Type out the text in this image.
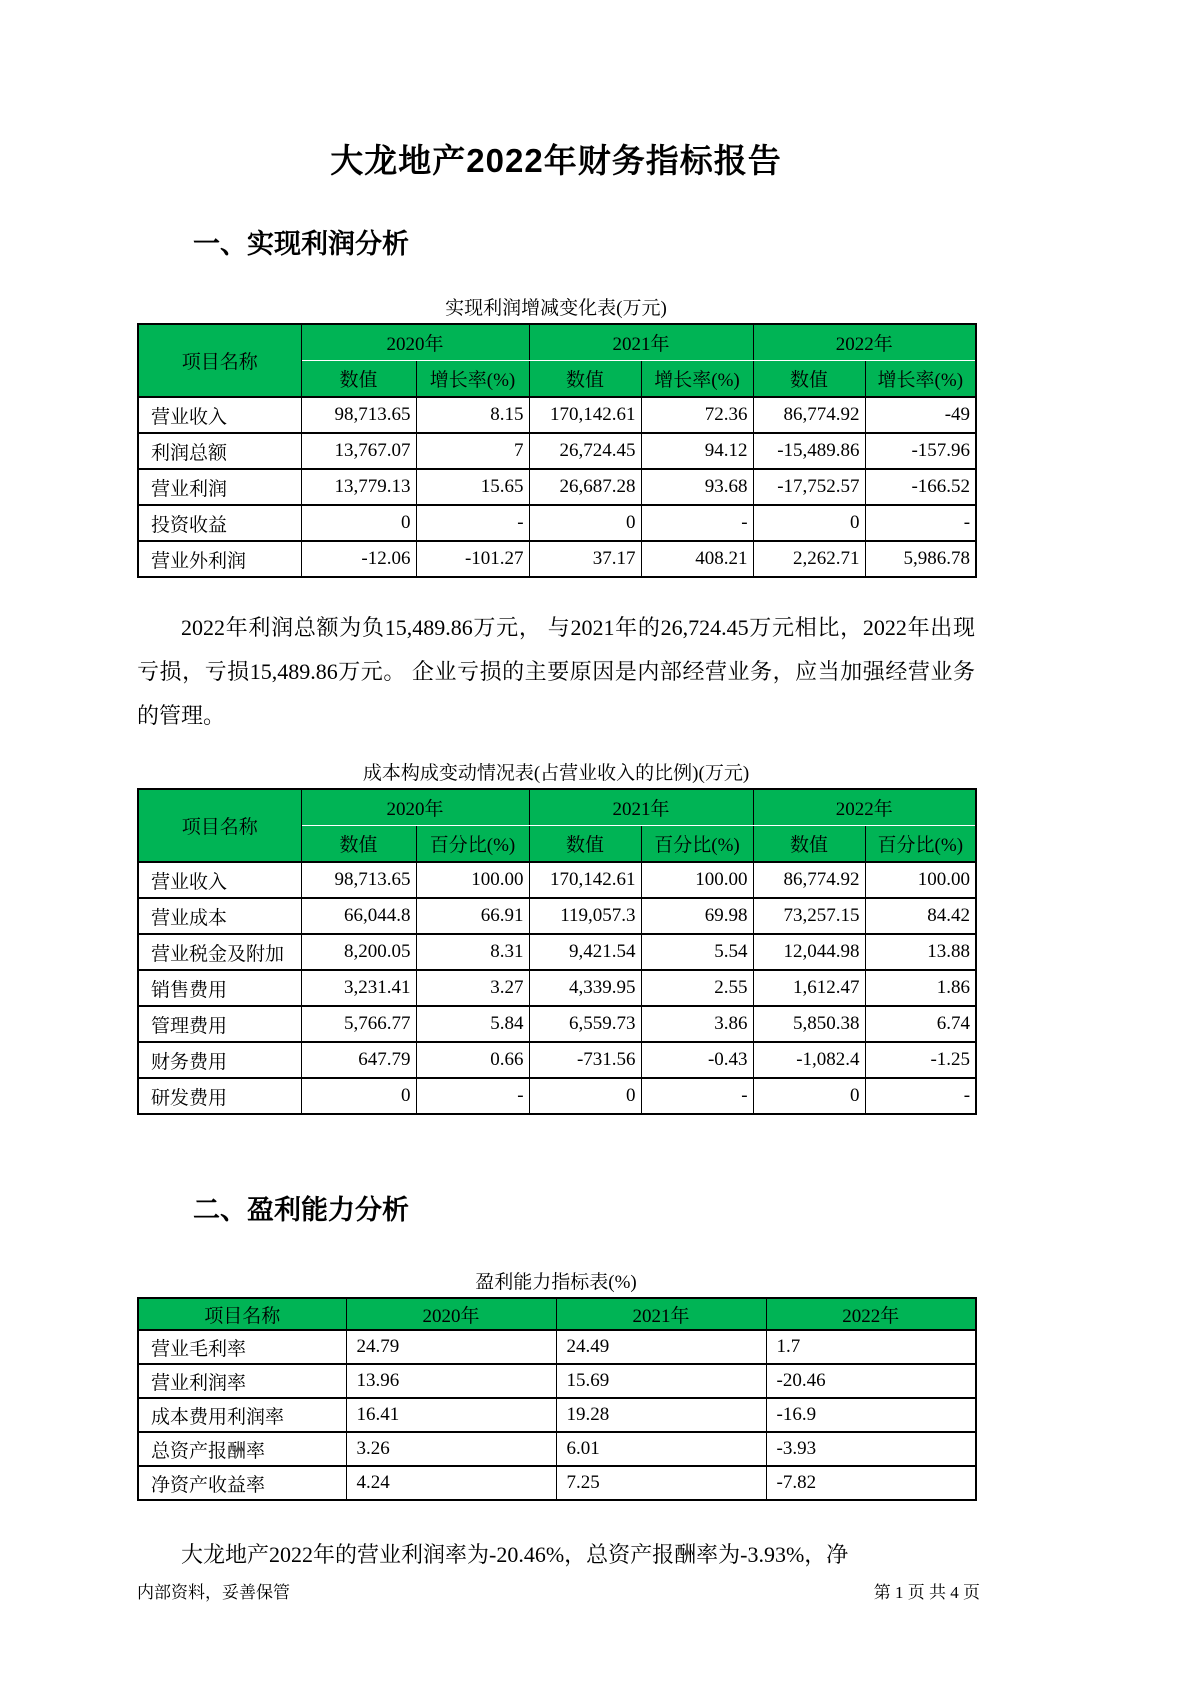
大龙地产2022年财务指标报告
一、实现利润分析
实现利润增减变化表(万元)
项目名称	2020年		2021年		2022年	
	数值	增长率(%)	数值	增长率(%)	数值	增长率(%)
营业收入	98,713.65	8.15	170,142.61	72.36	86,774.92	-49
利润总额	13,767.07	7	26,724.45	94.12	-15,489.86	-157.96
营业利润	13,779.13	15.65	26,687.28	93.68	-17,752.57	-166.52
投资收益	0	-	0	-	0	-
营业外利润	-12.06	-101.27	37.17	408.21	2,262.71	5,986.78
2022年利润总额为负15,489.86万元， 与2021年的26,724.45万元相比，2022年出现亏损，亏损15,489.86万元。 企业亏损的主要原因是内部经营业务，应当加强经营业务的管理。
成本构成变动情况表(占营业收入的比例)(万元)
项目名称	2020年		2021年		2022年	
	数值	百分比(%)	数值	百分比(%)	数值	百分比(%)
营业收入	98,713.65	100.00	170,142.61	100.00	86,774.92	100.00
营业成本	66,044.8	66.91	119,057.3	69.98	73,257.15	84.42
营业税金及附加	8,200.05	8.31	9,421.54	5.54	12,044.98	13.88
销售费用	3,231.41	3.27	4,339.95	2.55	1,612.47	1.86
管理费用	5,766.77	5.84	6,559.73	3.86	5,850.38	6.74
财务费用	647.79	0.66	-731.56	-0.43	-1,082.4	-1.25
研发费用	0	-	0	-	0	-
二、盈利能力分析
盈利能力指标表(%)
项目名称	2020年	2021年	2022年
营业毛利率	24.79	24.49	1.7
营业利润率	13.96	15.69	-20.46
成本费用利润率	16.41	19.28	-16.9
总资产报酬率	3.26	6.01	-3.93
净资产收益率	4.24	7.25	-7.82
大龙地产2022年的营业利润率为-20.46%，总资产报酬率为-3.93%，净
内部资料，妥善保管	第 1 页 共 4 页
